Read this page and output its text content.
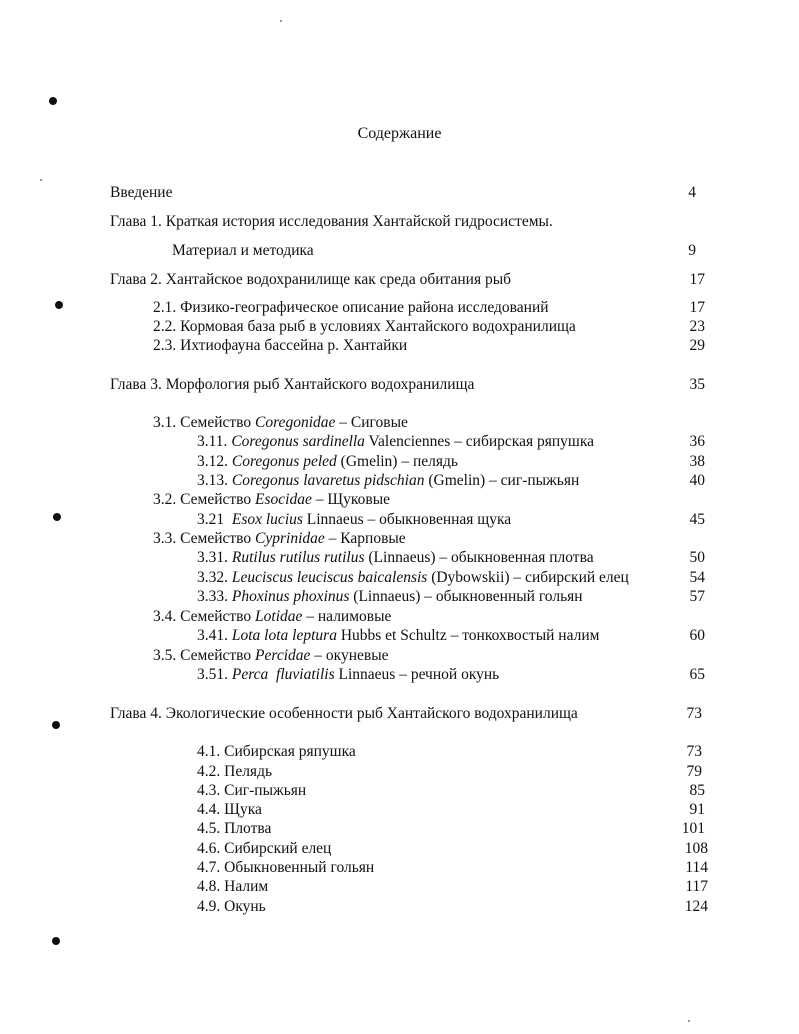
Содержание
Введение	4
Глава 1. Краткая история исследования Хантайской гидросистемы.
Материал и методика	9
Глава 2. Хантайское водохранилище как среда обитания рыб	17
2.1. Физико-географическое описание района исследований	17
2.2. Кормовая база рыб в условиях Хантайского водохранилища	23
2.3. Ихтиофауна бассейна р. Хантайки	29
Глава 3. Морфология рыб Хантайского водохранилища	35
3.1. Семейство Coregonidae – Сиговые
3.11. Coregonus sardinella Valenciennes – сибирская ряпушка	36
3.12. Coregonus peled (Gmelin) – пелядь	38
3.13. Coregonus lavaretus pidschian (Gmelin) – сиг-пыжьян	40
3.2. Семейство Esocidae – Щуковые
3.21  Esox lucius Linnaeus – обыкновенная щука	45
3.3. Семейство Cyprinidae – Карповые
3.31. Rutilus rutilus rutilus (Linnaeus) – обыкновенная плотва	50
3.32. Leuciscus leuciscus baicalensis (Dybowskii) – сибирский елец	54
3.33. Phoxinus phoxinus (Linnaeus) – обыкновенный гольян	57
3.4. Семейство Lotidae – налимовые
3.41. Lota lota leptura Hubbs et Schultz – тонкохвостый налим	60
3.5. Семейство Percidae – окуневые
3.51. Perca  fluviatilis Linnaeus – речной окунь	65
Глава 4. Экологические особенности рыб Хантайского водохранилища	73
4.1. Сибирская ряпушка	73
4.2. Пелядь	79
4.3. Сиг-пыжьян	85
4.4. Щука	91
4.5. Плотва	101
4.6. Сибирский елец	108
4.7. Обыкновенный гольян	114
4.8. Налим	117
4.9. Окунь	124
